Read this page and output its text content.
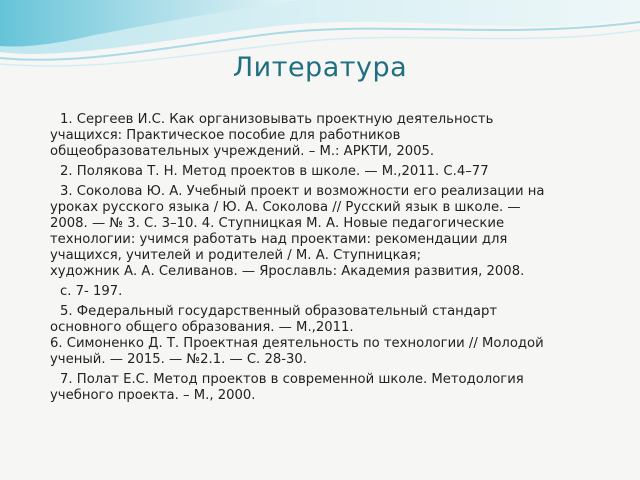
Литература
1. Сергеев И.С. Как организовывать проектную деятельность
учащихся: Практическое пособие для работников
общеобразовательных учреждений. – М.: АРКТИ, 2005.
2. Полякова Т. Н. Метод проектов в школе. — М.,2011. С.4–77
3. Соколова Ю. А. Учебный проект и возможности его реализации на
уроках русского языка / Ю. А. Соколова // Русский язык в школе. —
2008. — № 3. С. 3–10. 4. Ступницкая М. А. Новые педагогические
технологии: учимся работать над проектами: рекомендации для
учащихся, учителей и родителей / М. А. Ступницкая;
художник А. А. Селиванов. — Ярославль: Академия развития, 2008.
с. 7- 197.
5. Федеральный государственный образовательный стандарт
основного общего образования. — М.,2011.
6. Симоненко Д. Т. Проектная деятельность по технологии // Молодой
ученый. — 2015. — №2.1. — С. 28-30.
7. Полат Е.С. Метод проектов в современной школе. Методология
учебного проекта. – М., 2000.
